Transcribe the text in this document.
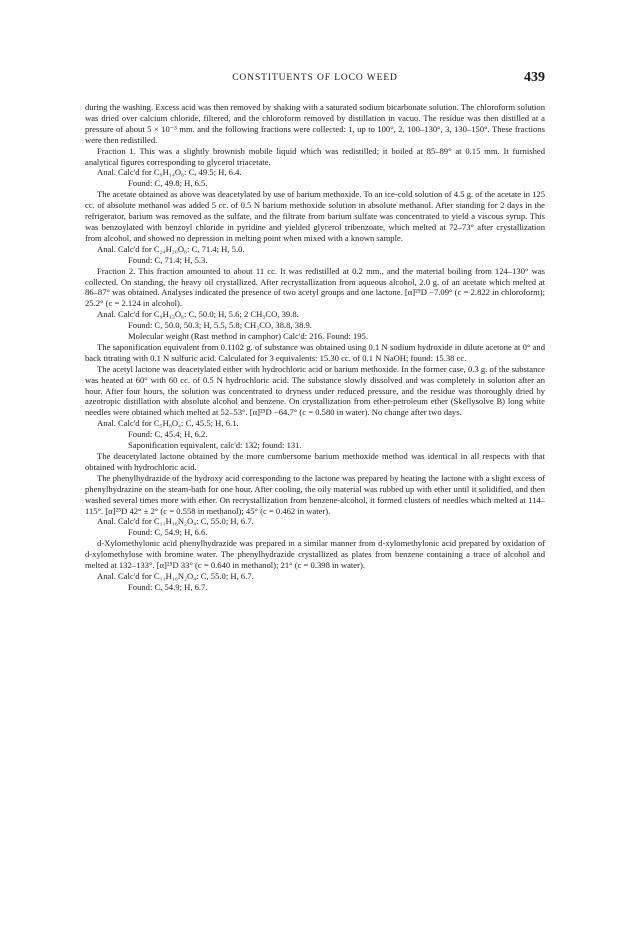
CONSTITUENTS OF LOCO WEED	439

during the washing. Excess acid was then removed by shaking with a saturated sodium bicarbonate solution. The chloroform solution was dried over calcium chloride, filtered, and the chloroform removed by distillation in vacuo. The residue was then distilled at a pressure of about 5 × 10⁻³ mm. and the following fractions were collected: 1, up to 100°, 2, 100–130°, 3, 130–150°. These fractions were then redistilled.

Fraction 1. This was a slightly brownish mobile liquid which was redistilled; it boiled at 85–89° at 0.15 mm. It furnished analytical figures corresponding to glycerol triacetate.

Anal. Calc'd for C₉H₁₄O₆: C, 49.5; H, 6.4.

Found: C, 49.8; H, 6.5.

The acetate obtained as above was deacetylated by use of barium methoxide. To an ice-cold solution of 4.5 g. of the acetate in 125 cc. of absolute methanol was added 5 cc. of 0.5 N barium methoxide solution in absolute methanol. After standing for 2 days in the refrigerator, barium was removed as the sulfate, and the filtrate from barium sulfate was concentrated to yield a viscous syrup. This was benzoylated with benzoyl chloride in pyridine and yielded glycerol tribenzoate, which melted at 72–73° after crystallization from alcohol, and showed no depression in melting point when mixed with a known sample.

Anal. Calc'd for C₂₄H₂₀O₆: C, 71.4; H, 5.0.

Found: C, 71.4; H, 5.3.

Fraction 2. This fraction amounted to about 11 cc. It was redistilled at 0.2 mm., and the material boiling from 124–130° was collected. On standing, the heavy oil crystallized. After recrystallization from aqueous alcohol, 2.0 g. of an acetate which melted at 86–87° was obtained. Analyses indicated the presence of two acetyl groups and one lactone. [α]²⁵D −7.09° (c = 2.822 in chloroform); 25.2° (c = 2.124 in alcohol).

Anal. Calc'd for C₉H₁₂O₆: C, 50.0; H, 5.6; 2 CH₃CO, 39.8.

Found: C, 50.0, 50.3; H, 5.5, 5.8; CH₃CO, 38.8, 38.9.

Molecular weight (Rast method in camphor) Calc'd: 216. Found: 195.

The saponification equivalent from 0.1102 g. of substance was obtained using 0.1 N sodium hydroxide in dilute acetone at 0° and back titrating with 0.1 N sulfuric acid. Calculated for 3 equivalents: 15.30 cc. of 0.1 N NaOH; found: 15.38 cc.

The acetyl lactone was deacetylated either with hydrochloric acid or barium methoxide. In the former case, 0.3 g. of the substance was heated at 60° with 60 cc. of 0.5 N hydrochloric acid. The substance slowly dissolved and was completely in solution after an hour. After four hours, the solution was concentrated to dryness under reduced pressure, and the residue was thoroughly dried by azeotropic distillation with absolute alcohol and benzene. On crystallization from ether-petroleum ether (Skellysolve B) long white needles were obtained which melted at 52–53°. [α]²⁵D −64.7° (c = 0.580 in water). No change after two days.

Anal. Calc'd for C₅H₈O₄: C, 45.5; H, 6.1.

Found: C, 45.4; H, 6.2.

Saponification equivalent, calc'd: 132; found: 131.

The deacetylated lactone obtained by the more cumbersome barium methoxide method was identical in all respects with that obtained with hydrochloric acid.

The phenylhydrazide of the hydroxy acid corresponding to the lactone was prepared by heating the lactone with a slight excess of phenylhydrazine on the steam-bath for one hour. After cooling, the oily material was rubbed up with ether until it solidified, and then washed several times more with ether. On recrystallization from benzene-alcohol, it formed clusters of needles which melted at 114–115°. [α]²⁵D 42° ± 2° (c = 0.558 in methanol); 45° (c = 0.462 in water).

Anal. Calc'd for C₁₁H₁₆N₂O₄: C, 55.0; H, 6.7.

Found: C, 54.9; H, 6.6.

d-Xylomethylonic acid phenylhydrazide was prepared in a similar manner from d-xylomethylonic acid prepared by oxidation of d-xylomethylose with bromine water. The phenylhydrazide crystallized as plates from benzene containing a trace of alcohol and melted at 132–133°. [α]²⁵D 33° (c = 0.640 in methanol); 21° (c = 0.398 in water).

Anal. Calc'd for C₁₁H₁₆N₂O₄: C, 55.0; H, 6.7.

Found: C, 54.9; H, 6.7.
